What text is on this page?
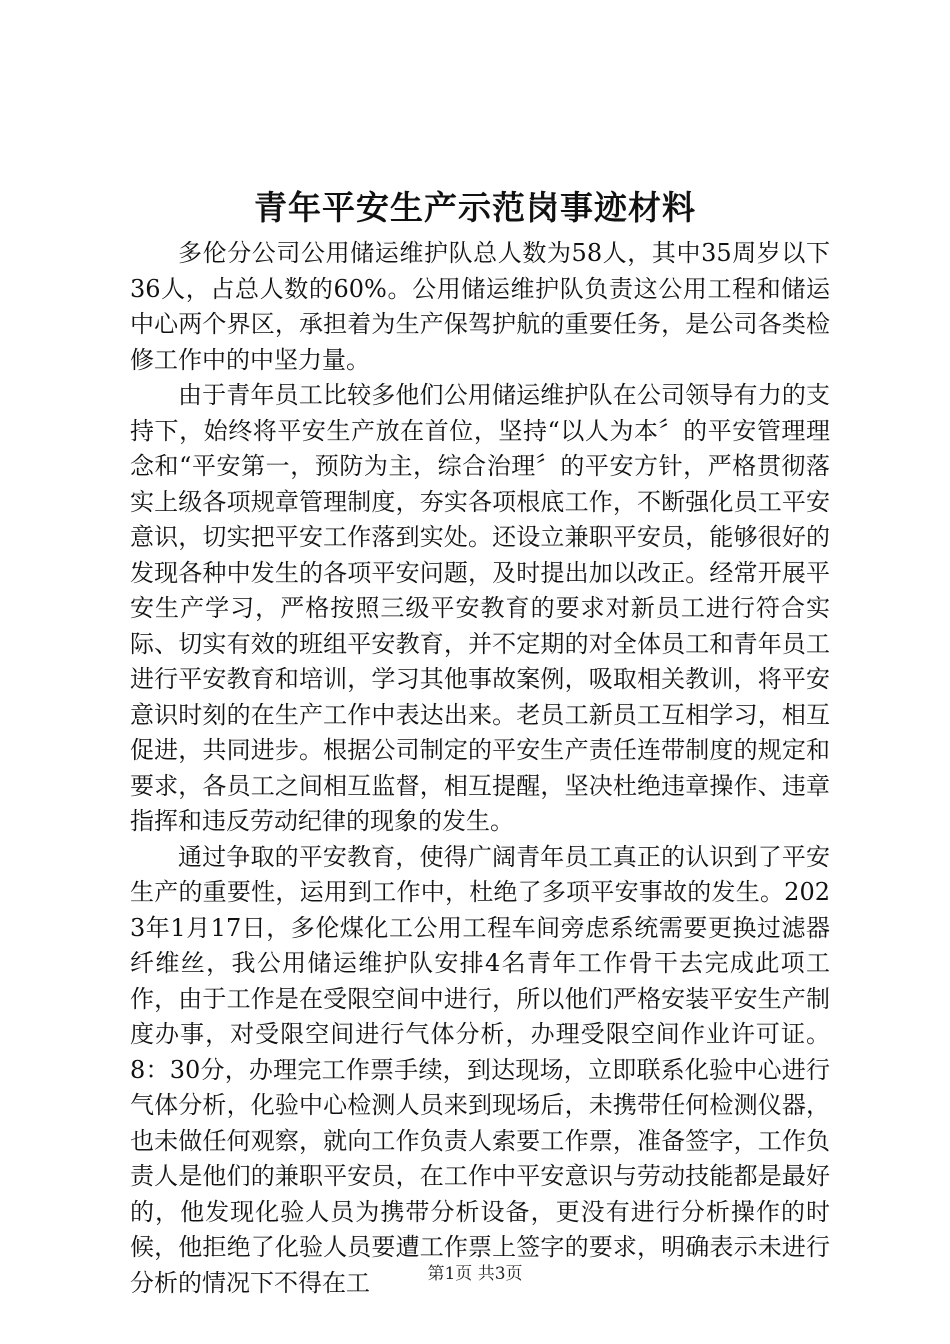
青年平安生产示范岗事迹材料

多伦分公司公用储运维护队总人数为58人，其中35周岁以下36人，占总人数的60%。公用储运维护队负责这公用工程和储运中心两个界区，承担着为生产保驾护航的重要任务，是公司各类检修工作中的中坚力量。

由于青年员工比较多他们公用储运维护队在公司领导有力的支持下，始终将平安生产放在首位，坚持“以人为本〞的平安管理理念和“平安第一，预防为主，综合治理〞的平安方针，严格贯彻落实上级各项规章管理制度，夯实各项根底工作，不断强化员工平安意识，切实把平安工作落到实处。还设立兼职平安员，能够很好的发现各种中发生的各项平安问题，及时提出加以改正。经常开展平安生产学习，严格按照三级平安教育的要求对新员工进行符合实际、切实有效的班组平安教育，并不定期的对全体员工和青年员工进行平安教育和培训，学习其他事故案例，吸取相关教训，将平安意识时刻的在生产工作中表达出来。老员工新员工互相学习，相互促进，共同进步。根据公司制定的平安生产责任连带制度的规定和要求，各员工之间相互监督，相互提醒，坚决杜绝违章操作、违章指挥和违反劳动纪律的现象的发生。

通过争取的平安教育，使得广阔青年员工真正的认识到了平安生产的重要性，运用到工作中，杜绝了多项平安事故的发生。2023年1月17日，多伦煤化工公用工程车间旁虑系统需要更换过滤器纤维丝，我公用储运维护队安排4名青年工作骨干去完成此项工作，由于工作是在受限空间中进行，所以他们严格安装平安生产制度办事，对受限空间进行气体分析，办理受限空间作业许可证。8：30分，办理完工作票手续，到达现场，立即联系化验中心进行气体分析，化验中心检测人员来到现场后，未携带任何检测仪器，也未做任何观察，就向工作负责人索要工作票，准备签字，工作负责人是他们的兼职平安员，在工作中平安意识与劳动技能都是最好的，他发现化验人员为携带分析设备，更没有进行分析操作的时候，他拒绝了化验人员要遭工作票上签字的要求，明确表示未进行分析的情况下不得在工	第1页 共3页
